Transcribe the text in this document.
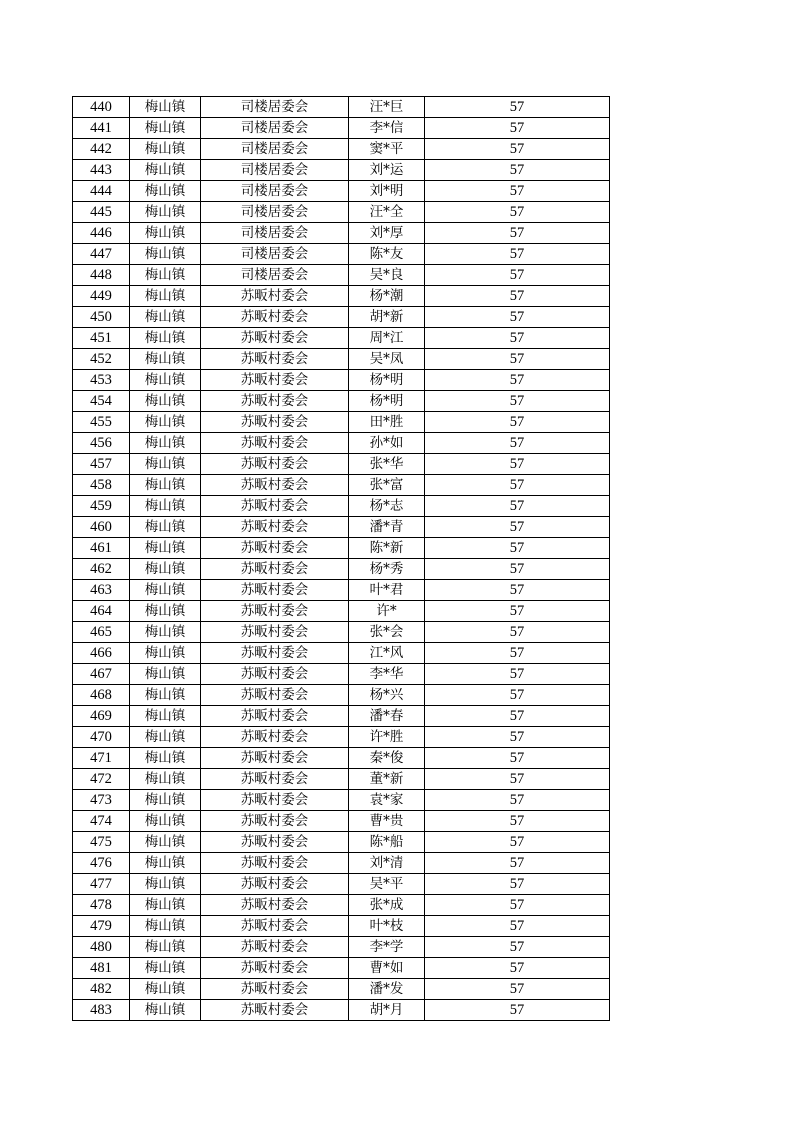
440	梅山镇	司楼居委会	汪*巨	57
441	梅山镇	司楼居委会	李*信	57
442	梅山镇	司楼居委会	窦*平	57
443	梅山镇	司楼居委会	刘*运	57
444	梅山镇	司楼居委会	刘*明	57
445	梅山镇	司楼居委会	汪*全	57
446	梅山镇	司楼居委会	刘*厚	57
447	梅山镇	司楼居委会	陈*友	57
448	梅山镇	司楼居委会	吴*良	57
449	梅山镇	苏畈村委会	杨*潮	57
450	梅山镇	苏畈村委会	胡*新	57
451	梅山镇	苏畈村委会	周*江	57
452	梅山镇	苏畈村委会	吴*凤	57
453	梅山镇	苏畈村委会	杨*明	57
454	梅山镇	苏畈村委会	杨*明	57
455	梅山镇	苏畈村委会	田*胜	57
456	梅山镇	苏畈村委会	孙*如	57
457	梅山镇	苏畈村委会	张*华	57
458	梅山镇	苏畈村委会	张*富	57
459	梅山镇	苏畈村委会	杨*志	57
460	梅山镇	苏畈村委会	潘*青	57
461	梅山镇	苏畈村委会	陈*新	57
462	梅山镇	苏畈村委会	杨*秀	57
463	梅山镇	苏畈村委会	叶*君	57
464	梅山镇	苏畈村委会	许*	57
465	梅山镇	苏畈村委会	张*会	57
466	梅山镇	苏畈村委会	江*风	57
467	梅山镇	苏畈村委会	李*华	57
468	梅山镇	苏畈村委会	杨*兴	57
469	梅山镇	苏畈村委会	潘*春	57
470	梅山镇	苏畈村委会	许*胜	57
471	梅山镇	苏畈村委会	秦*俊	57
472	梅山镇	苏畈村委会	董*新	57
473	梅山镇	苏畈村委会	袁*家	57
474	梅山镇	苏畈村委会	曹*贵	57
475	梅山镇	苏畈村委会	陈*船	57
476	梅山镇	苏畈村委会	刘*清	57
477	梅山镇	苏畈村委会	吴*平	57
478	梅山镇	苏畈村委会	张*成	57
479	梅山镇	苏畈村委会	叶*枝	57
480	梅山镇	苏畈村委会	李*学	57
481	梅山镇	苏畈村委会	曹*如	57
482	梅山镇	苏畈村委会	潘*发	57
483	梅山镇	苏畈村委会	胡*月	57
